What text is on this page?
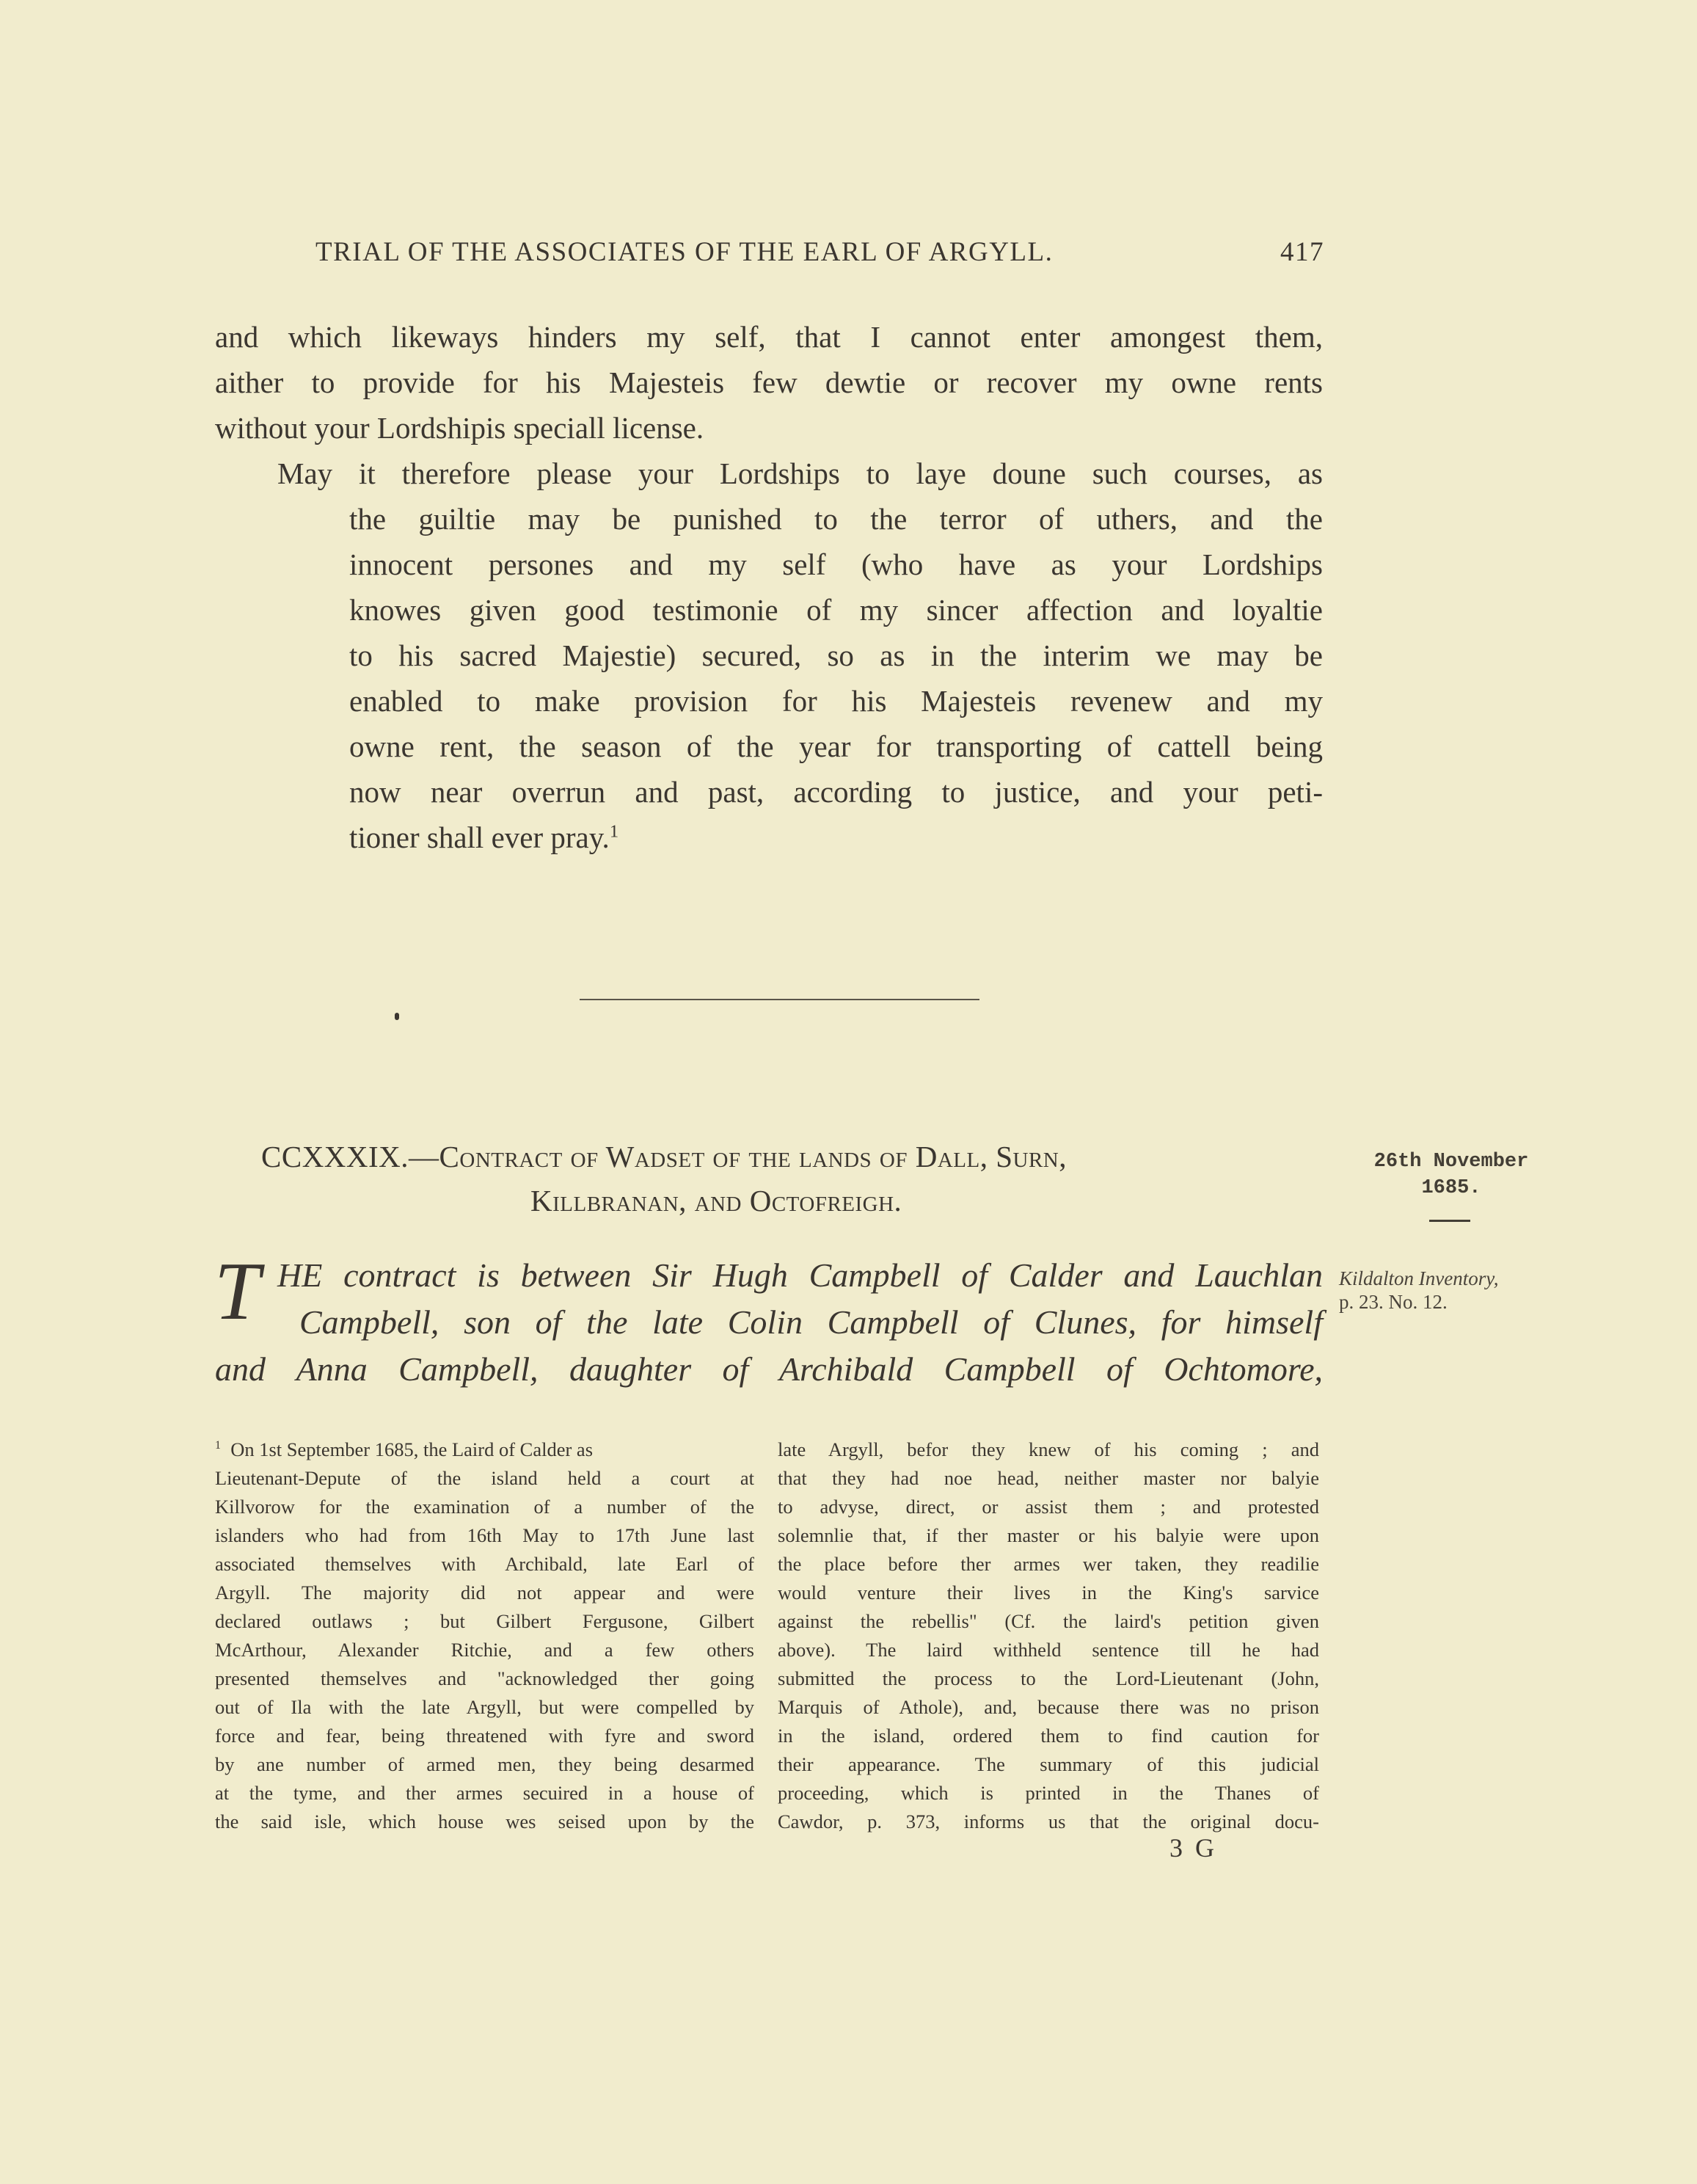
TRIAL OF THE ASSOCIATES OF THE EARL OF ARGYLL.	417
and which likeways hinders my self, that I cannot enter amongest them,
aither to provide for his Majesteis few dewtie or recover my owne rents
without your Lordshipis speciall license.
May it therefore please your Lordships to laye doune such courses, as
the guiltie may be punished to the terror of uthers, and the
innocent persones and my self (who have as your Lordships
knowes given good testimonie of my sincer affection and loyaltie
to his sacred Majestie) secured, so as in the interim we may be
enabled to make provision for his Majesteis revenew and my
owne rent, the season of the year for transporting of cattell being
now near overrun and past, according to justice, and your peti-
tioner shall ever pray.$^1$
CCXXXIX.—Contract of Wadset of the lands of Dall, Surn,
Killbranan, and Octofreigh.
26th November
1685.
Kildalton Inventory,
p. 23. No. 12.
T HE contract is between Sir Hugh Campbell of Calder and Lauchlan
Campbell, son of the late Colin Campbell of Clunes, for himself
and Anna Campbell, daughter of Archibald Campbell of Ochtomore,
$^1$ On 1st September 1685, the Laird of Calder as
Lieutenant-Depute of the island held a court at
Killvorow for the examination of a number of the
islanders who had from 16th May to 17th June last
associated themselves with Archibald, late Earl of
Argyll. The majority did not appear and were
declared outlaws ; but Gilbert Fergusone, Gilbert
McArthour, Alexander Ritchie, and a few others
presented themselves and "acknowledged ther going
out of Ila with the late Argyll, but were compelled by
force and fear, being threatened with fyre and sword
by ane number of armed men, they being desarmed
at the tyme, and ther armes secuired in a house of
the said isle, which house wes seised upon by the
late Argyll, befor they knew of his coming ; and
that they had noe head, neither master nor balyie
to advyse, direct, or assist them ; and protested
solemnlie that, if ther master or his balyie were upon
the place before ther armes wer taken, they readilie
would venture their lives in the King's sarvice
against the rebellis" (Cf. the laird's petition given
above). The laird withheld sentence till he had
submitted the process to the Lord-Lieutenant (John,
Marquis of Athole), and, because there was no prison
in the island, ordered them to find caution for
their appearance. The summary of this judicial
proceeding, which is printed in the Thanes of
Cawdor, p. 373, informs us that the original docu-
3 G
